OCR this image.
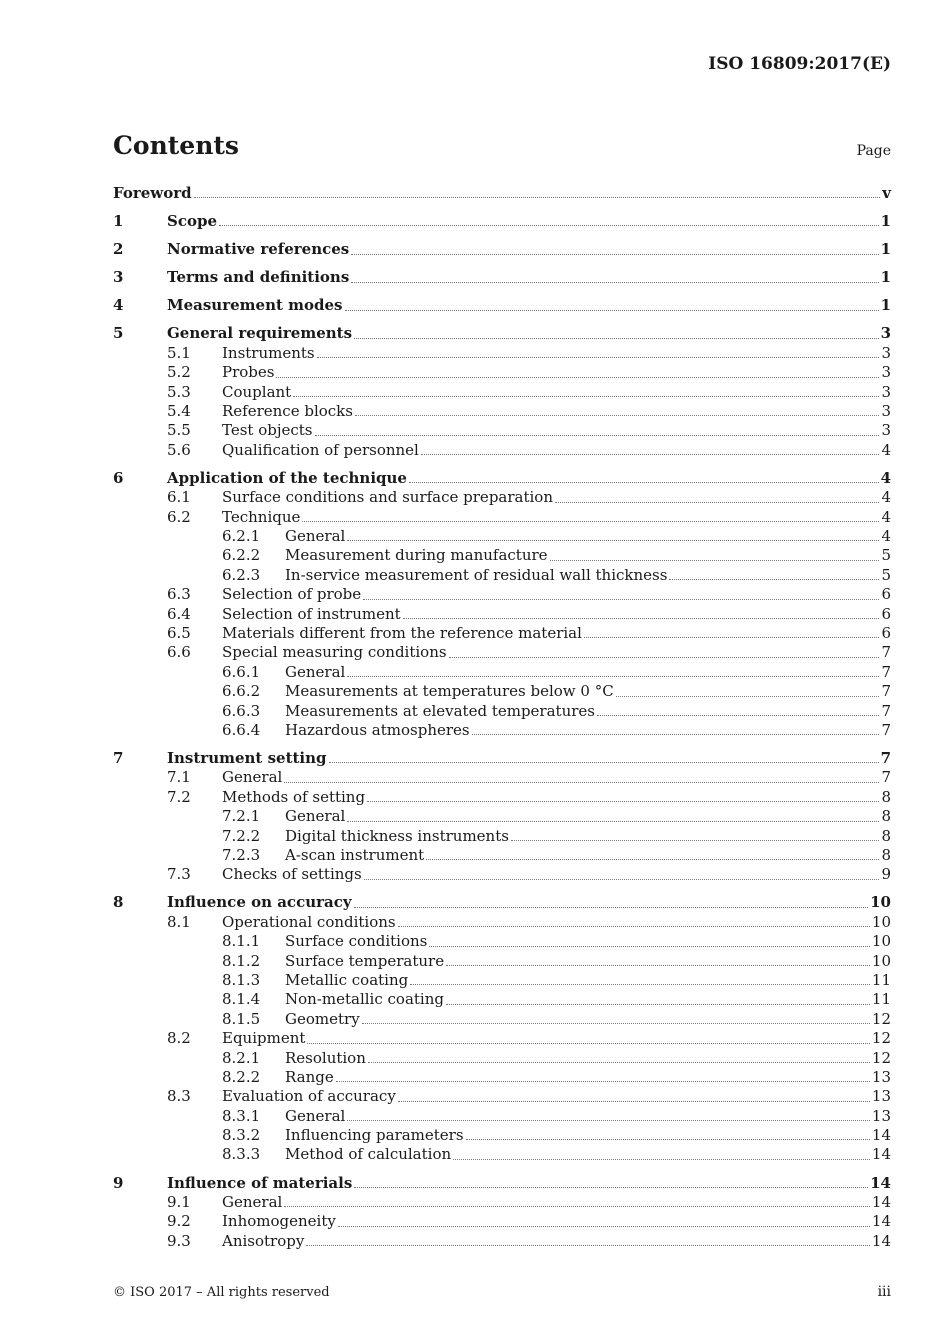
ISO 16809:2017(E)
Contents	Page
Foreword	v
1	Scope	1
2	Normative references	1
3	Terms and definitions	1
4	Measurement modes	1
5	General requirements	3
5.1	Instruments	3
5.2	Probes	3
5.3	Couplant	3
5.4	Reference blocks	3
5.5	Test objects	3
5.6	Qualification of personnel	4
6	Application of the technique	4
6.1	Surface conditions and surface preparation	4
6.2	Technique	4
6.2.1	General	4
6.2.2	Measurement during manufacture	5
6.2.3	In-service measurement of residual wall thickness	5
6.3	Selection of probe	6
6.4	Selection of instrument	6
6.5	Materials different from the reference material	6
6.6	Special measuring conditions	7
6.6.1	General	7
6.6.2	Measurements at temperatures below 0 °C	7
6.6.3	Measurements at elevated temperatures	7
6.6.4	Hazardous atmospheres	7
7	Instrument setting	7
7.1	General	7
7.2	Methods of setting	8
7.2.1	General	8
7.2.2	Digital thickness instruments	8
7.2.3	A-scan instrument	8
7.3	Checks of settings	9
8	Influence on accuracy	10
8.1	Operational conditions	10
8.1.1	Surface conditions	10
8.1.2	Surface temperature	10
8.1.3	Metallic coating	11
8.1.4	Non-metallic coating	11
8.1.5	Geometry	12
8.2	Equipment	12
8.2.1	Resolution	12
8.2.2	Range	13
8.3	Evaluation of accuracy	13
8.3.1	General	13
8.3.2	Influencing parameters	14
8.3.3	Method of calculation	14
9	Influence of materials	14
9.1	General	14
9.2	Inhomogeneity	14
9.3	Anisotropy	14
© ISO 2017 – All rights reserved	iii
